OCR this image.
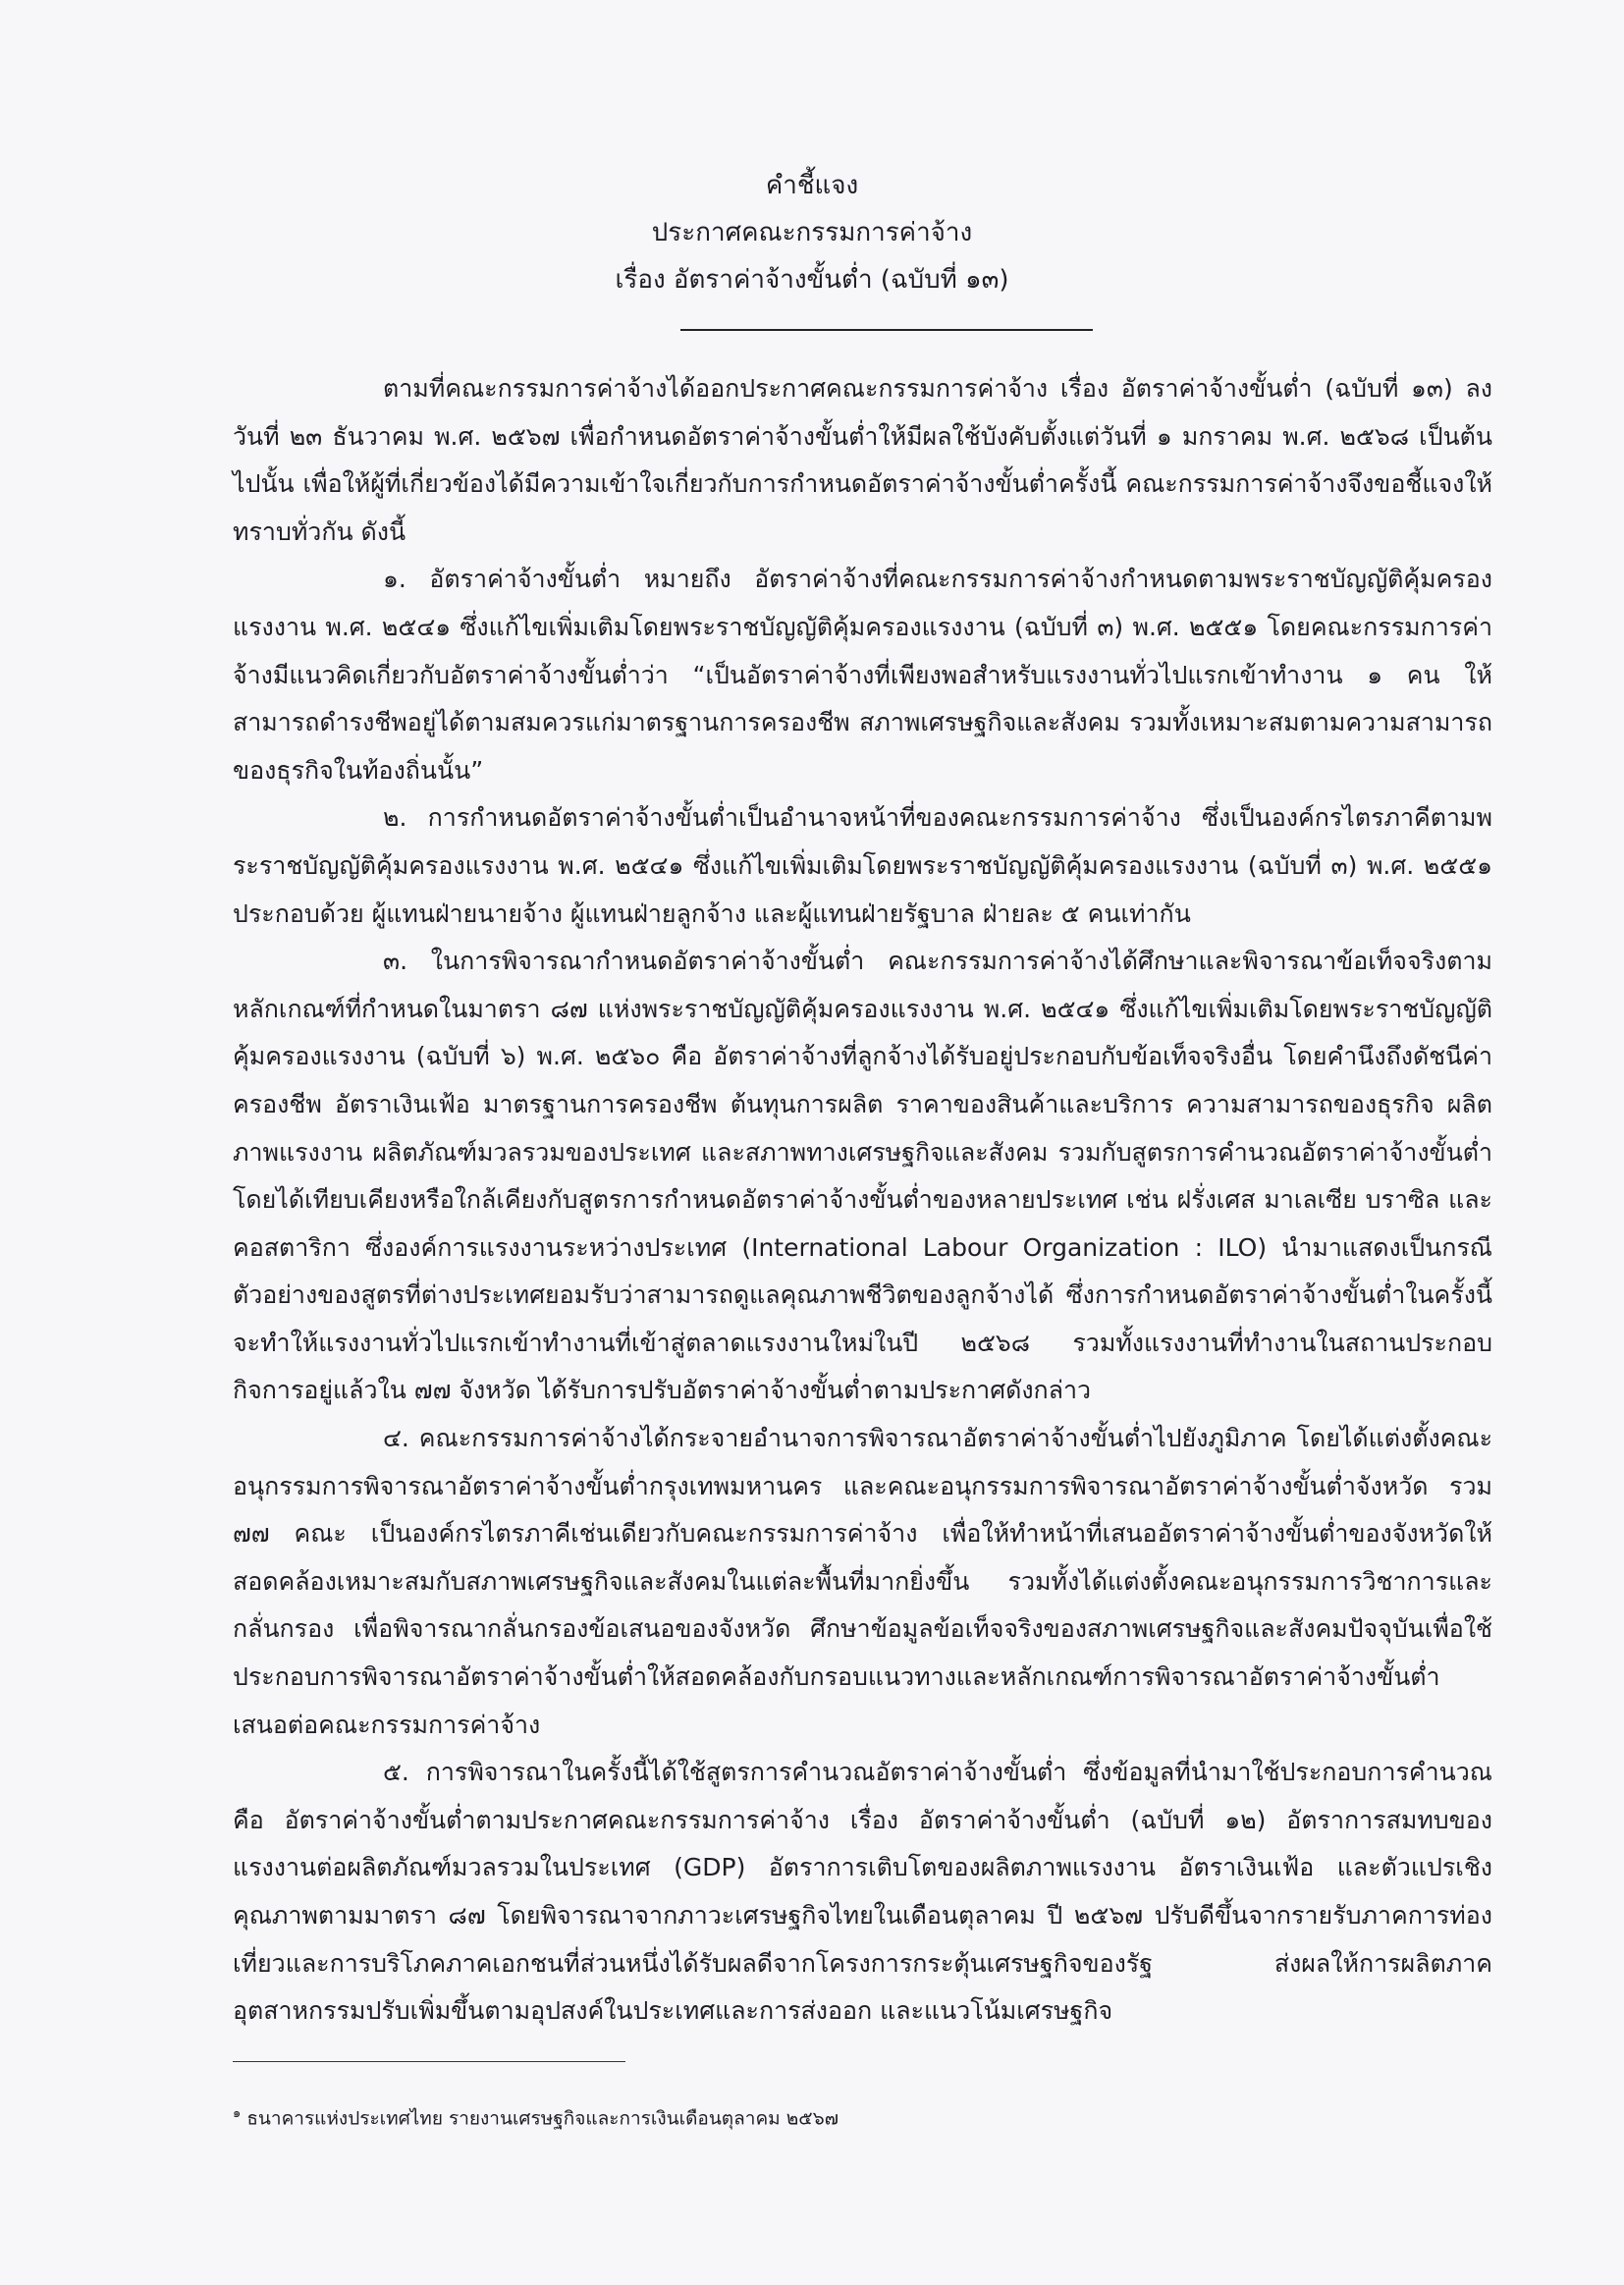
คำชี้แจง
ประกาศคณะกรรมการค่าจ้าง
เรื่อง อัตราค่าจ้างขั้นต่ำ (ฉบับที่ ๑๓)

ตามที่คณะกรรมการค่าจ้างได้ออกประกาศคณะกรรมการค่าจ้าง เรื่อง อัตราค่าจ้างขั้นต่ำ (ฉบับที่ ๑๓) ลงวันที่ ๒๓ ธันวาคม พ.ศ. ๒๕๖๗ เพื่อกำหนดอัตราค่าจ้างขั้นต่ำให้มีผลใช้บังคับตั้งแต่วันที่ ๑ มกราคม พ.ศ. ๒๕๖๘ เป็นต้นไปนั้น เพื่อให้ผู้ที่เกี่ยวข้องได้มีความเข้าใจเกี่ยวกับการกำหนดอัตราค่าจ้างขั้นต่ำครั้งนี้ คณะกรรมการค่าจ้างจึงขอชี้แจงให้ทราบทั่วกัน ดังนี้

๑. อัตราค่าจ้างขั้นต่ำ หมายถึง อัตราค่าจ้างที่คณะกรรมการค่าจ้างกำหนดตามพระราชบัญญัติคุ้มครองแรงงาน พ.ศ. ๒๕๔๑ ซึ่งแก้ไขเพิ่มเติมโดยพระราชบัญญัติคุ้มครองแรงงาน (ฉบับที่ ๓) พ.ศ. ๒๕๕๑ โดยคณะกรรมการค่าจ้างมีแนวคิดเกี่ยวกับอัตราค่าจ้างขั้นต่ำว่า “เป็นอัตราค่าจ้างที่เพียงพอสำหรับแรงงานทั่วไปแรกเข้าทำงาน ๑ คน ให้สามารถดำรงชีพอยู่ได้ตามสมควรแก่มาตรฐานการครองชีพ สภาพเศรษฐกิจและสังคม รวมทั้งเหมาะสมตามความสามารถของธุรกิจในท้องถิ่นนั้น”

๒. การกำหนดอัตราค่าจ้างขั้นต่ำเป็นอำนาจหน้าที่ของคณะกรรมการค่าจ้าง ซึ่งเป็นองค์กรไตรภาคีตามพระราชบัญญัติคุ้มครองแรงงาน พ.ศ. ๒๕๔๑ ซึ่งแก้ไขเพิ่มเติมโดยพระราชบัญญัติคุ้มครองแรงงาน (ฉบับที่ ๓) พ.ศ. ๒๕๕๑ ประกอบด้วย ผู้แทนฝ่ายนายจ้าง ผู้แทนฝ่ายลูกจ้าง และผู้แทนฝ่ายรัฐบาล ฝ่ายละ ๕ คนเท่ากัน

๓. ในการพิจารณากำหนดอัตราค่าจ้างขั้นต่ำ คณะกรรมการค่าจ้างได้ศึกษาและพิจารณาข้อเท็จจริงตามหลักเกณฑ์ที่กำหนดในมาตรา ๘๗ แห่งพระราชบัญญัติคุ้มครองแรงงาน พ.ศ. ๒๕๔๑ ซึ่งแก้ไขเพิ่มเติมโดยพระราชบัญญัติคุ้มครองแรงงาน (ฉบับที่ ๖) พ.ศ. ๒๕๖๐ คือ อัตราค่าจ้างที่ลูกจ้างได้รับอยู่ประกอบกับข้อเท็จจริงอื่น โดยคำนึงถึงดัชนีค่าครองชีพ อัตราเงินเฟ้อ มาตรฐานการครองชีพ ต้นทุนการผลิต ราคาของสินค้าและบริการ ความสามารถของธุรกิจ ผลิตภาพแรงงาน ผลิตภัณฑ์มวลรวมของประเทศ และสภาพทางเศรษฐกิจและสังคม รวมกับสูตรการคำนวณอัตราค่าจ้างขั้นต่ำ โดยได้เทียบเคียงหรือใกล้เคียงกับสูตรการกำหนดอัตราค่าจ้างขั้นต่ำของหลายประเทศ เช่น ฝรั่งเศส มาเลเซีย บราซิล และคอสตาริกา ซึ่งองค์การแรงงานระหว่างประเทศ (International Labour Organization : ILO) นำมาแสดงเป็นกรณีตัวอย่างของสูตรที่ต่างประเทศยอมรับว่าสามารถดูแลคุณภาพชีวิตของลูกจ้างได้ ซึ่งการกำหนดอัตราค่าจ้างขั้นต่ำในครั้งนี้จะทำให้แรงงานทั่วไปแรกเข้าทำงานที่เข้าสู่ตลาดแรงงานใหม่ในปี ๒๕๖๘ รวมทั้งแรงงานที่ทำงานในสถานประกอบกิจการอยู่แล้วใน ๗๗ จังหวัด ได้รับการปรับอัตราค่าจ้างขั้นต่ำตามประกาศดังกล่าว

๔. คณะกรรมการค่าจ้างได้กระจายอำนาจการพิจารณาอัตราค่าจ้างขั้นต่ำไปยังภูมิภาค โดยได้แต่งตั้งคณะอนุกรรมการพิจารณาอัตราค่าจ้างขั้นต่ำกรุงเทพมหานคร และคณะอนุกรรมการพิจารณาอัตราค่าจ้างขั้นต่ำจังหวัด รวม ๗๗ คณะ เป็นองค์กรไตรภาคีเช่นเดียวกับคณะกรรมการค่าจ้าง เพื่อให้ทำหน้าที่เสนออัตราค่าจ้างขั้นต่ำของจังหวัดให้สอดคล้องเหมาะสมกับสภาพเศรษฐกิจและสังคมในแต่ละพื้นที่มากยิ่งขึ้น รวมทั้งได้แต่งตั้งคณะอนุกรรมการวิชาการและกลั่นกรอง เพื่อพิจารณากลั่นกรองข้อเสนอของจังหวัด ศึกษาข้อมูลข้อเท็จจริงของสภาพเศรษฐกิจและสังคมปัจจุบันเพื่อใช้ประกอบการพิจารณาอัตราค่าจ้างขั้นต่ำให้สอดคล้องกับกรอบแนวทางและหลักเกณฑ์การพิจารณาอัตราค่าจ้างขั้นต่ำเสนอต่อคณะกรรมการค่าจ้าง

๕. การพิจารณาในครั้งนี้ได้ใช้สูตรการคำนวณอัตราค่าจ้างขั้นต่ำ ซึ่งข้อมูลที่นำมาใช้ประกอบการคำนวณ คือ อัตราค่าจ้างขั้นต่ำตามประกาศคณะกรรมการค่าจ้าง เรื่อง อัตราค่าจ้างขั้นต่ำ (ฉบับที่ ๑๒) อัตราการสมทบของแรงงานต่อผลิตภัณฑ์มวลรวมในประเทศ (GDP) อัตราการเติบโตของผลิตภาพแรงงาน อัตราเงินเฟ้อ และตัวแปรเชิงคุณภาพตามมาตรา ๘๗ โดยพิจารณาจากภาวะเศรษฐกิจไทยในเดือนตุลาคม ปี ๒๕๖๗ ปรับดีขึ้นจากรายรับภาคการท่องเที่ยวและการบริโภคภาคเอกชนที่ส่วนหนึ่งได้รับผลดีจากโครงการกระตุ้นเศรษฐกิจของรัฐ ส่งผลให้การผลิตภาคอุตสาหกรรมปรับเพิ่มขึ้นตามอุปสงค์ในประเทศและการส่งออก และแนวโน้มเศรษฐกิจ

$^๑$ ธนาคารแห่งประเทศไทย รายงานเศรษฐกิจและการเงินเดือนตุลาคม ๒๕๖๗
